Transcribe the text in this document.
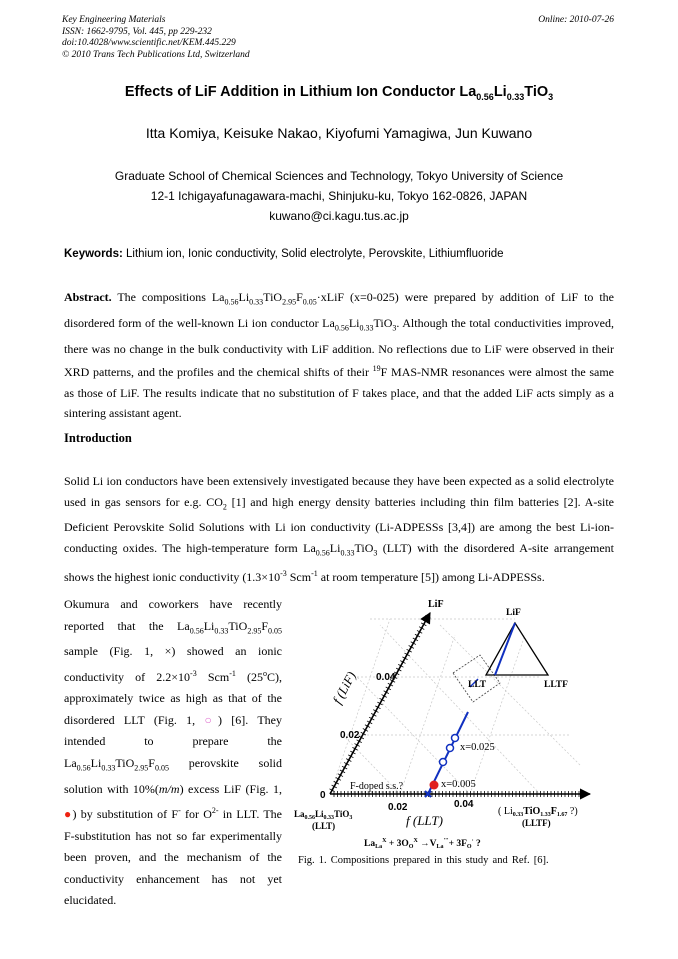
Key Engineering Materials
ISSN: 1662-9795, Vol. 445, pp 229-232
doi:10.4028/www.scientific.net/KEM.445.229
© 2010 Trans Tech Publications Ltd, Switzerland
Online: 2010-07-26
Effects of LiF Addition in Lithium Ion Conductor $La_{0.56}Li_{0.33}TiO_3$
Itta Komiya, Keisuke Nakao, Kiyofumi Yamagiwa, Jun Kuwano
Graduate School of Chemical Sciences and Technology, Tokyo University of Science
12-1 Ichigayafunagawara-machi, Shinjuku-ku, Tokyo 162-0826, JAPAN
kuwano@ci.kagu.tus.ac.jp
Keywords: Lithium ion, Ionic conductivity, Solid electrolyte, Perovskite, Lithiumfluoride
Abstract. The compositions $La_{0.56}Li_{0.33}TiO_{2.95}F_{0.05}\cdot xLiF$ (x=0-025) were prepared by addition of LiF to the disordered form of the well-known Li ion conductor $La_{0.56}Li_{0.33}TiO_3$. Although the total conductivities improved, there was no change in the bulk conductivity with LiF addition. No reflections due to LiF were observed in their XRD patterns, and the profiles and the chemical shifts of their $^{19}$F MAS-NMR resonances were almost the same as those of LiF. The results indicate that no substitution of F takes place, and that the added LiF acts simply as a sintering assistant agent.
Introduction
Solid Li ion conductors have been extensively investigated because they have been expected as a solid electrolyte used in gas sensors for e.g. $CO_2$ [1] and high energy density batteries including thin film batteries [2]. A-site Deficient Perovskite Solid Solutions with Li ion conductivity (Li-ADPESSs [3,4]) are among the best Li-ion-conducting oxides. The high-temperature form $La_{0.56}Li_{0.33}TiO_3$ (LLT) with the disordered A-site arrangement shows the highest ionic conductivity ($1.3\times 10^{-3}$ Scm$^{-1}$ at room temperature [5]) among Li-ADPESSs.
Okumura and coworkers have recently reported that the $La_{0.56}Li_{0.33}TiO_{2.95}F_{0.05}$ sample (Fig. 1, ×) showed an ionic conductivity of $2.2\times 10^{-3}$ Scm$^{-1}$ (25$^o$C), approximately twice as high as that of the disordered LLT (Fig. 1, ○) [6]. They intended to prepare the $La_{0.56}Li_{0.33}TiO_{2.95}F_{0.05}$ perovskite solid solution with 10%(m/m) excess LiF (Fig. 1, ●) by substitution of F- for $O^{2-}$ in LLT. The F-substitution has not so far experimentally been proven, and the mechanism of the conductivity enhancement has not yet elucidated.
LiF
f (LiF)
0
0.02
0.04
0.02	0.04
f (LLT)
$La_{0.56}Li_{0.33}TiO_3$
(LLT)
( $Li_{0.33}TiO_{1.33}F_{1.67}$ ?)
(LLTF)
$La_{La}^X + 3O_O^X \to V_{La}'''+ 3F_O^\cdot$ ?
F-doped s.s.?
x=0.025
x=0.005
LiF
LLT	LLTF
Fig. 1. Compositions prepared in this study and Ref. [6].
